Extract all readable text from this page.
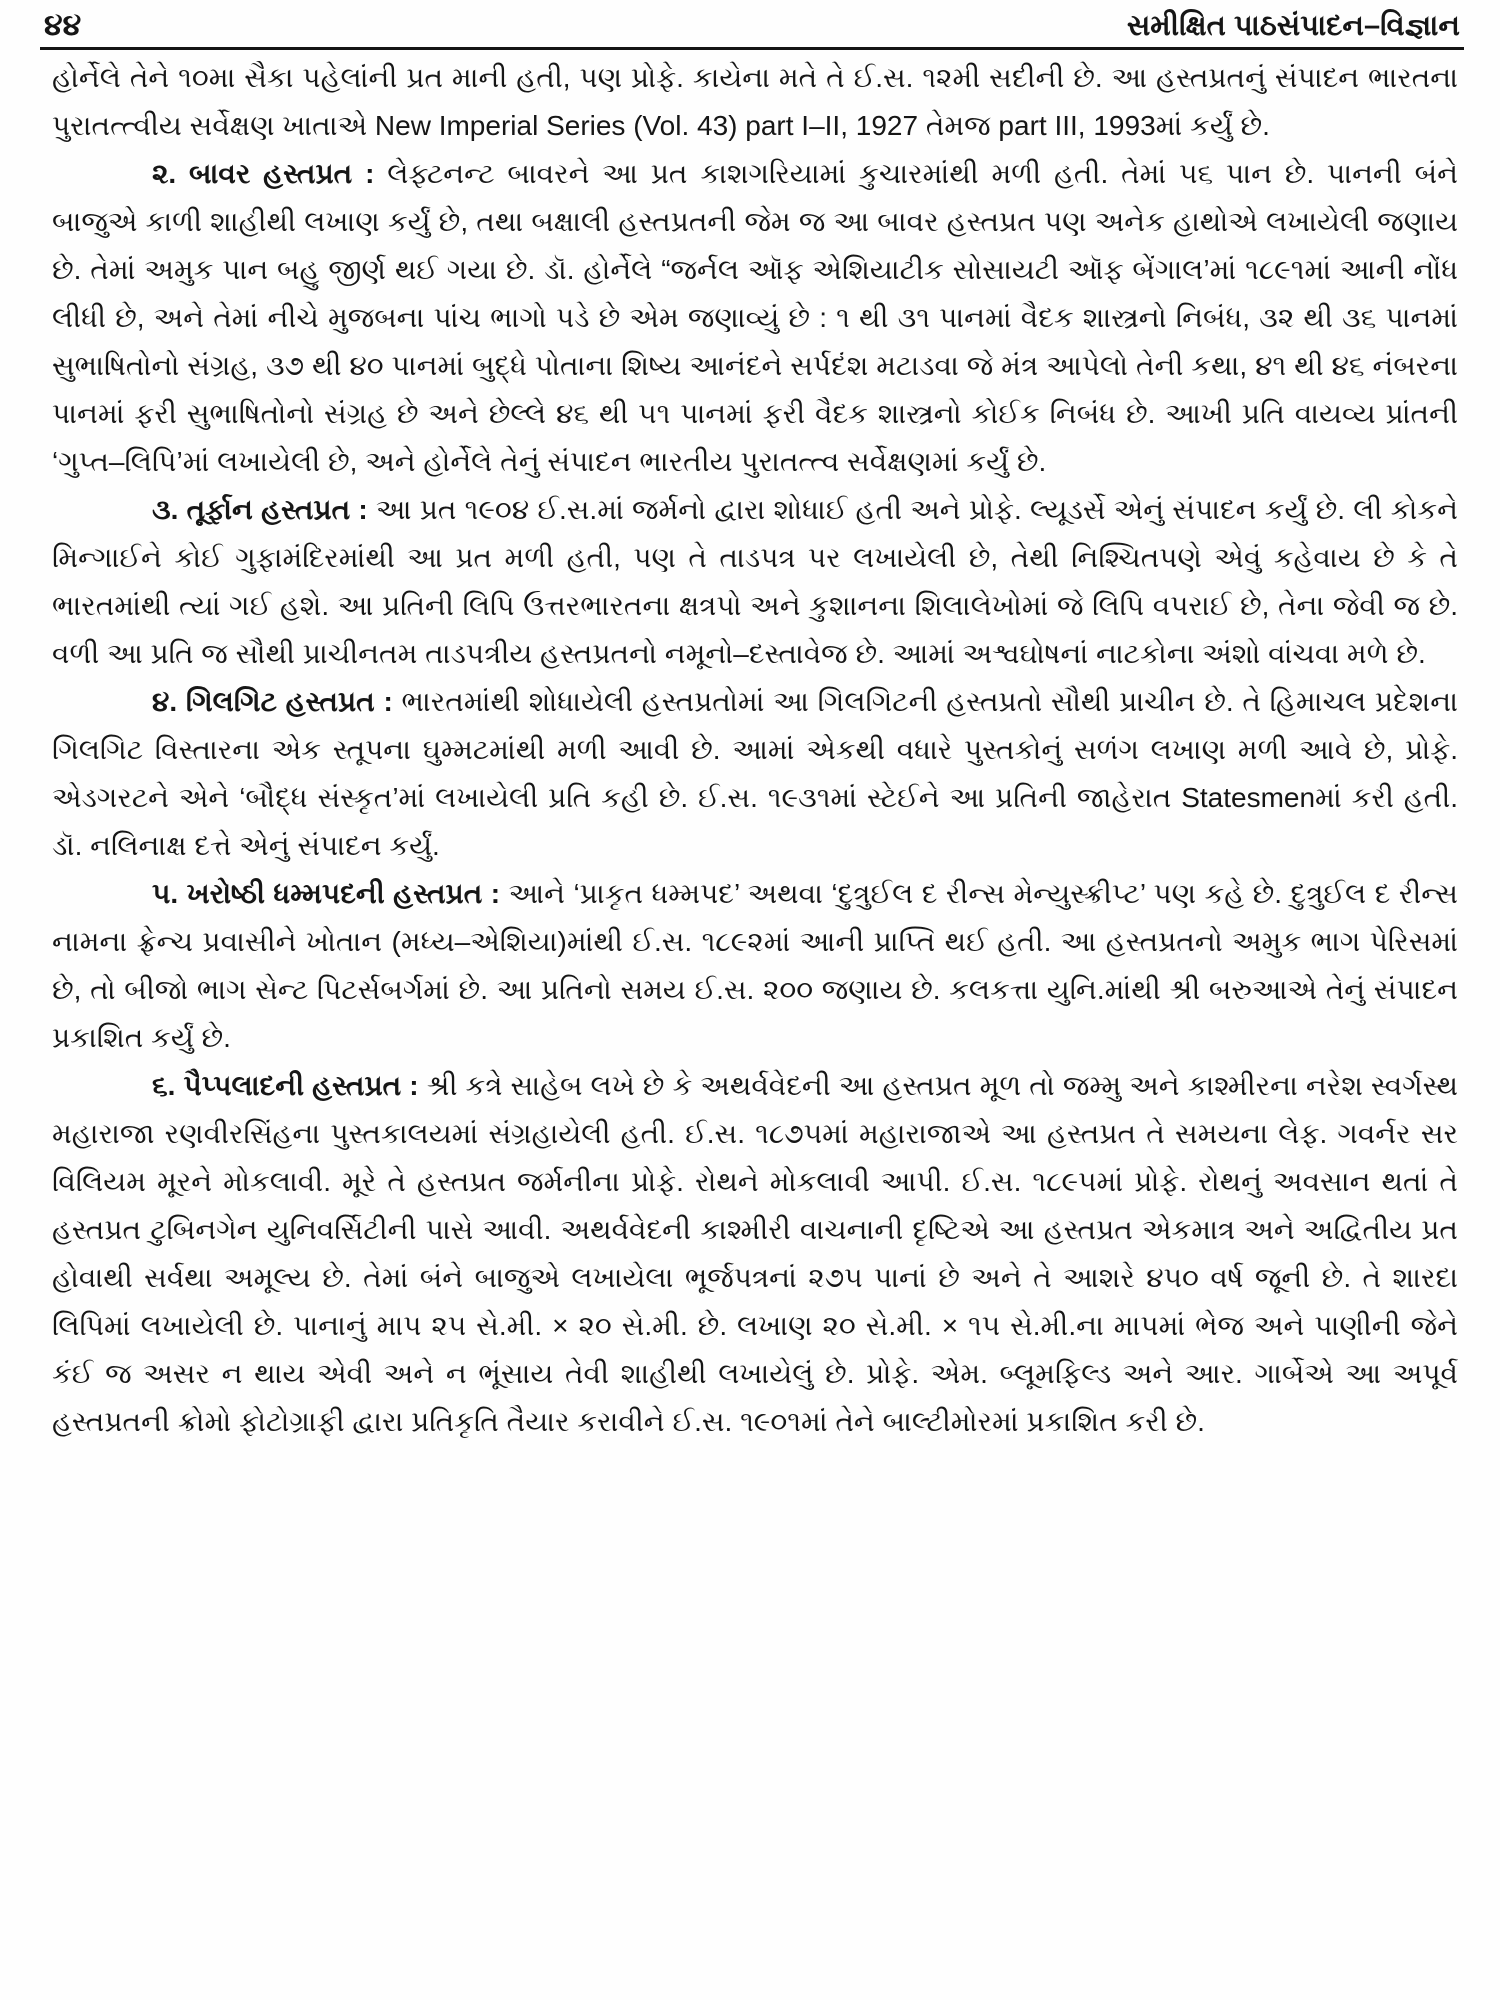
૪૪	સમીક્ષિત પાઠસંપાદન–વિજ્ઞાન

હોર્નેલે તેને ૧૦મા સૈકા પહેલાંની પ્રત માની હતી, પણ પ્રોફે. કાયેના મતે તે ઈ.સ. ૧૨મી સદીની છે. આ હસ્તપ્રતનું સંપાદન ભારતના પુરાતત્ત્વીય સર્વેક્ષણ ખાતાએ New Imperial Series (Vol. 43) part I–II, 1927 તેમજ part III, 1993માં કર્યું છે.

૨. બાવર હસ્તપ્રત : લેફ્ટનન્ટ બાવરને આ પ્રત કાશગરિયામાં કુચારમાંથી મળી હતી. તેમાં ૫૬ પાન છે. પાનની બંને બાજુએ કાળી શાહીથી લખાણ કર્યું છે, તથા બક્ષાલી હસ્તપ્રતની જેમ જ આ બાવર હસ્તપ્રત પણ અનેક હાથોએ લખાયેલી જણાય છે. તેમાં અમુક પાન બહુ જીર્ણ થઈ ગયા છે. ડૉ. હોર્નેલે “જર્નલ ઑફ એશિયાટીક સોસાયટી ઑફ બેંગાલ’માં ૧૮૯૧માં આની નોંધ લીધી છે, અને તેમાં નીચે મુજબના પાંચ ભાગો પડે છે એમ જણાવ્યું છે : ૧ થી ૩૧ પાનમાં વૈદક શાસ્ત્રનો નિબંધ, ૩૨ થી ૩૬ પાનમાં સુભાષિતોનો સંગ્રહ, ૩૭ થી ૪૦ પાનમાં બુદ્ધે પોતાના શિષ્ય આનંદને સર્પદંશ મટાડવા જે મંત્ર આપેલો તેની કથા, ૪૧ થી ૪૬ નંબરના પાનમાં ફરી સુભાષિતોનો સંગ્રહ છે અને છેલ્લે ૪૬ થી ૫૧ પાનમાં ફરી વૈદક શાસ્ત્રનો કોઈક નિબંધ છે. આખી પ્રતિ વાયવ્ય પ્રાંતની ‘ગુપ્ત–લિપિ’માં લખાયેલી છે, અને હોર્નેલે તેનું સંપાદન ભારતીય પુરાતત્ત્વ સર્વેક્ષણમાં કર્યું છે.

૩. તૂર્ફાન હસ્તપ્રત : આ પ્રત ૧૯૦૪ ઈ.સ.માં જર્મનો દ્વારા શોધાઈ હતી અને પ્રોફે. લ્યૂડર્સે એનું સંપાદન કર્યું છે. લી કોકને મિન્ગાઈને કોઈ ગુફામંદિરમાંથી આ પ્રત મળી હતી, પણ તે તાડપત્ર પર લખાયેલી છે, તેથી નિશ્ચિતપણે એવું કહેવાય છે કે તે ભારતમાંથી ત્યાં ગઈ હશે. આ પ્રતિની લિપિ ઉત્તરભારતના ક્ષત્રપો અને કુશાનના શિલાલેખોમાં જે લિપિ વપરાઈ છે, તેના જેવી જ છે. વળી આ પ્રતિ જ સૌથી પ્રાચીનતમ તાડપત્રીય હસ્તપ્રતનો નમૂનો–દસ્તાવેજ છે. આમાં અશ્વઘોષનાં નાટકોના અંશો વાંચવા મળે છે.

૪. ગિલગિટ હસ્તપ્રત : ભારતમાંથી શોધાયેલી હસ્તપ્રતોમાં આ ગિલગિટની હસ્તપ્રતો સૌથી પ્રાચીન છે. તે હિમાચલ પ્રદેશના ગિલગિટ વિસ્તારના એક સ્તૂપના ઘુમ્મટમાંથી મળી આવી છે. આમાં એકથી વધારે પુસ્તકોનું સળંગ લખાણ મળી આવે છે, પ્રોફે. એડગરટને એને ‘બૌદ્ધ સંસ્કૃત’માં લખાયેલી પ્રતિ કહી છે. ઈ.સ. ૧૯૩૧માં સ્ટેઈને આ પ્રતિની જાહેરાત Statesmenમાં કરી હતી. ડૉ. નલિનાક્ષ દત્તે એનું સંપાદન કર્યું.

૫. ખરોષ્ઠી ધમ્મપદની હસ્તપ્રત : આને ‘પ્રાકૃત ધમ્મપદ’ અથવા ‘દુત્રુઈલ દ રીન્સ મેન્યુસ્ક્રીપ્ટ’ પણ કહે છે. દુત્રુઈલ દ રીન્સ નામના ફ્રેન્ચ પ્રવાસીને ખોતાન (મધ્ય–એશિયા)માંથી ઈ.સ. ૧૮૯૨માં આની પ્રાપ્તિ થઈ હતી. આ હસ્તપ્રતનો અમુક ભાગ પેરિસમાં છે, તો બીજો ભાગ સેન્ટ પિટર્સબર્ગમાં છે. આ પ્રતિનો સમય ઈ.સ. ૨૦૦ જણાય છે. કલકત્તા યુનિ.માંથી શ્રી બરુઆએ તેનું સંપાદન પ્રકાશિત કર્યું છે.

૬. પૈપ્પલાદની હસ્તપ્રત : શ્રી કત્રે સાહેબ લખે છે કે અથર્વવેદની આ હસ્તપ્રત મૂળ તો જમ્મુ અને કાશ્મીરના નરેશ સ્વર્ગસ્થ મહારાજા રણવીરસિંહના પુસ્તકાલયમાં સંગ્રહાયેલી હતી. ઈ.સ. ૧૮૭૫માં મહારાજાએ આ હસ્તપ્રત તે સમયના લેફ. ગવર્નર સર વિલિયમ મૂરને મોકલાવી. મૂરે તે હસ્તપ્રત જર્મનીના પ્રોફે. રોથને મોકલાવી આપી. ઈ.સ. ૧૮૯૫માં પ્રોફે. રોથનું અવસાન થતાં તે હસ્તપ્રત ટુબિનગેન યુનિવર્સિટીની પાસે આવી. અથર્વવેદની કાશ્મીરી વાચનાની દૃષ્ટિએ આ હસ્તપ્રત એકમાત્ર અને અદ્વિતીય પ્રત હોવાથી સર્વથા અમૂલ્ય છે. તેમાં બંને બાજુએ લખાયેલા ભૂર્જપત્રનાં ૨૭૫ પાનાં છે અને તે આશરે ૪૫૦ વર્ષ જૂની છે. તે શારદા લિપિમાં લખાયેલી છે. પાનાનું માપ ૨૫ સે.મી. × ૨૦ સે.મી. છે. લખાણ ૨૦ સે.મી. × ૧૫ સે.મી.ના માપમાં ભેજ અને પાણીની જેને કંઈ જ અસર ન થાય એવી અને ન ભૂંસાય તેવી શાહીથી લખાયેલું છે. પ્રોફે. એમ. બ્લૂમફિલ્ડ અને આર. ગાર્બેએ આ અપૂર્વ હસ્તપ્રતની ક્રોમો ફોટોગ્રાફી દ્વારા પ્રતિકૃતિ તૈયાર કરાવીને ઈ.સ. ૧૯૦૧માં તેને બાલ્ટીમોરમાં પ્રકાશિત કરી છે.
